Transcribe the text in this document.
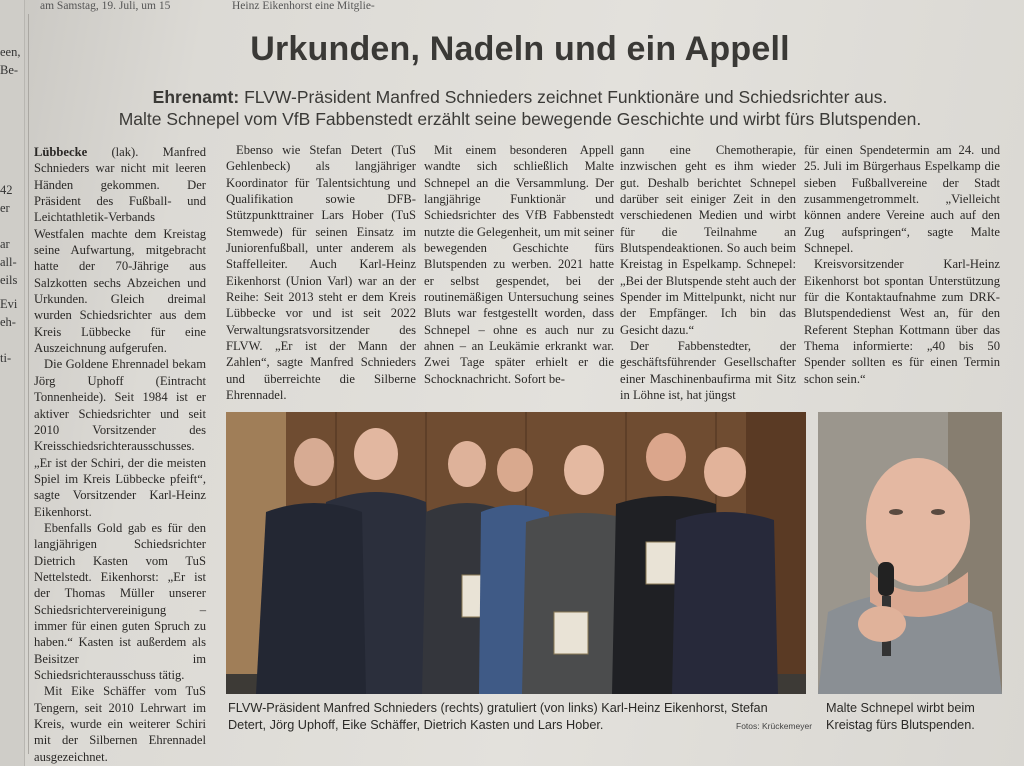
een,
Be-
42
er
ar
all-
eils
Evi
eh-
ti-
am Samstag, 19. Juli, um 15	Heinz Eikenhorst eine Mitglie-
Urkunden, Nadeln und ein Appell
Ehrenamt: FLVW-Präsident Manfred Schnieders zeichnet Funktionäre und Schiedsrichter aus.
Malte Schnepel vom VfB Fabbenstedt erzählt seine bewegende Geschichte und wirbt fürs Blutspenden.

Lübbecke (lak). Manfred Schnieders war nicht mit leeren Händen gekommen. Der Präsident des Fußball- und Leichtathletik-Verbands Westfalen machte dem Kreistag seine Aufwartung, mitgebracht hatte der 70-Jährige aus Salzkotten sechs Abzeichen und Urkunden. Gleich dreimal wurden Schiedsrichter aus dem Kreis Lübbecke für eine Auszeichnung aufgerufen.

Die Goldene Ehrennadel bekam Jörg Uphoff (Eintracht Tonnenheide). Seit 1984 ist er aktiver Schiedsrichter und seit 2010 Vorsitzender des Kreisschiedsrichterausschusses. „Er ist der Schiri, der die meisten Spiel im Kreis Lübbecke pfeift“, sagte Vorsitzender Karl-Heinz Eikenhorst.

Ebenfalls Gold gab es für den langjährigen Schiedsrichter Dietrich Kasten vom TuS Nettelstedt. Eikenhorst: „Er ist der Thomas Müller unserer Schiedsrichtervereinigung – immer für einen guten Spruch zu haben.“ Kasten ist außerdem als Beisitzer im Schiedsrichterausschuss tätig.

Mit Eike Schäffer vom TuS Tengern, seit 2010 Lehrwart im Kreis, wurde ein weiterer Schiri mit der Silbernen Ehrennadel ausgezeichnet.

Ebenso wie Stefan Detert (TuS Gehlenbeck) als langjähriger Koordinator für Talentsichtung und Qualifikation sowie DFB-Stützpunkttrainer Lars Hober (TuS Stemwede) für seinen Einsatz im Juniorenfußball, unter anderem als Staffelleiter. Auch Karl-Heinz Eikenhorst (Union Varl) war an der Reihe: Seit 2013 steht er dem Kreis Lübbecke vor und ist seit 2022 Verwaltungsratsvorsitzender des FLVW. „Er ist der Mann der Zahlen“, sagte Manfred Schnieders und überreichte die Silberne Ehrennadel.

Mit einem besonderen Appell wandte sich schließlich Malte Schnepel an die Versammlung. Der langjährige Funktionär und Schiedsrichter des VfB Fabbenstedt nutzte die Gelegenheit, um mit seiner bewegenden Geschichte fürs Blutspenden zu werben. 2021 hatte er selbst gespendet, bei der routinemäßigen Untersuchung seines Bluts war festgestellt worden, dass Schnepel – ohne es auch nur zu ahnen – an Leukämie erkrankt war. Zwei Tage später erhielt er die Schocknachricht. Sofort be-

gann eine Chemotherapie, inzwischen geht es ihm wieder gut. Deshalb berichtet Schnepel darüber seit einiger Zeit in den verschiedenen Medien und wirbt für die Teilnahme an Blutspendeaktionen. So auch beim Kreistag in Espelkamp. Schnepel: „Bei der Blutspende steht auch der Spender im Mittelpunkt, nicht nur der Empfänger. Ich bin das Gesicht dazu.“

Der Fabbenstedter, der geschäftsführender Gesellschafter einer Maschinenbaufirma mit Sitz in Löhne ist, hat jüngst

für einen Spendetermin am 24. und 25. Juli im Bürgerhaus Espelkamp die sieben Fußballvereine der Stadt zusammengetrommelt. „Vielleicht können andere Vereine auch auf den Zug aufspringen“, sagte Malte Schnepel.

Kreisvorsitzender Karl-Heinz Eikenhorst bot spontan Unterstützung für die Kontaktaufnahme zum DRK-Blutspendedienst West an, für den Referent Stephan Kottmann über das Thema informierte: „40 bis 50 Spender sollten es für einen Termin schon sein.“

FLVW-Präsident Manfred Schnieders (rechts) gratuliert (von links) Karl-Heinz Eikenhorst, Stefan Detert, Jörg Uphoff, Eike Schäffer, Dietrich Kasten und Lars Hober.	Fotos: Krückemeyer
Malte Schnepel wirbt beim Kreistag fürs Blutspenden.
